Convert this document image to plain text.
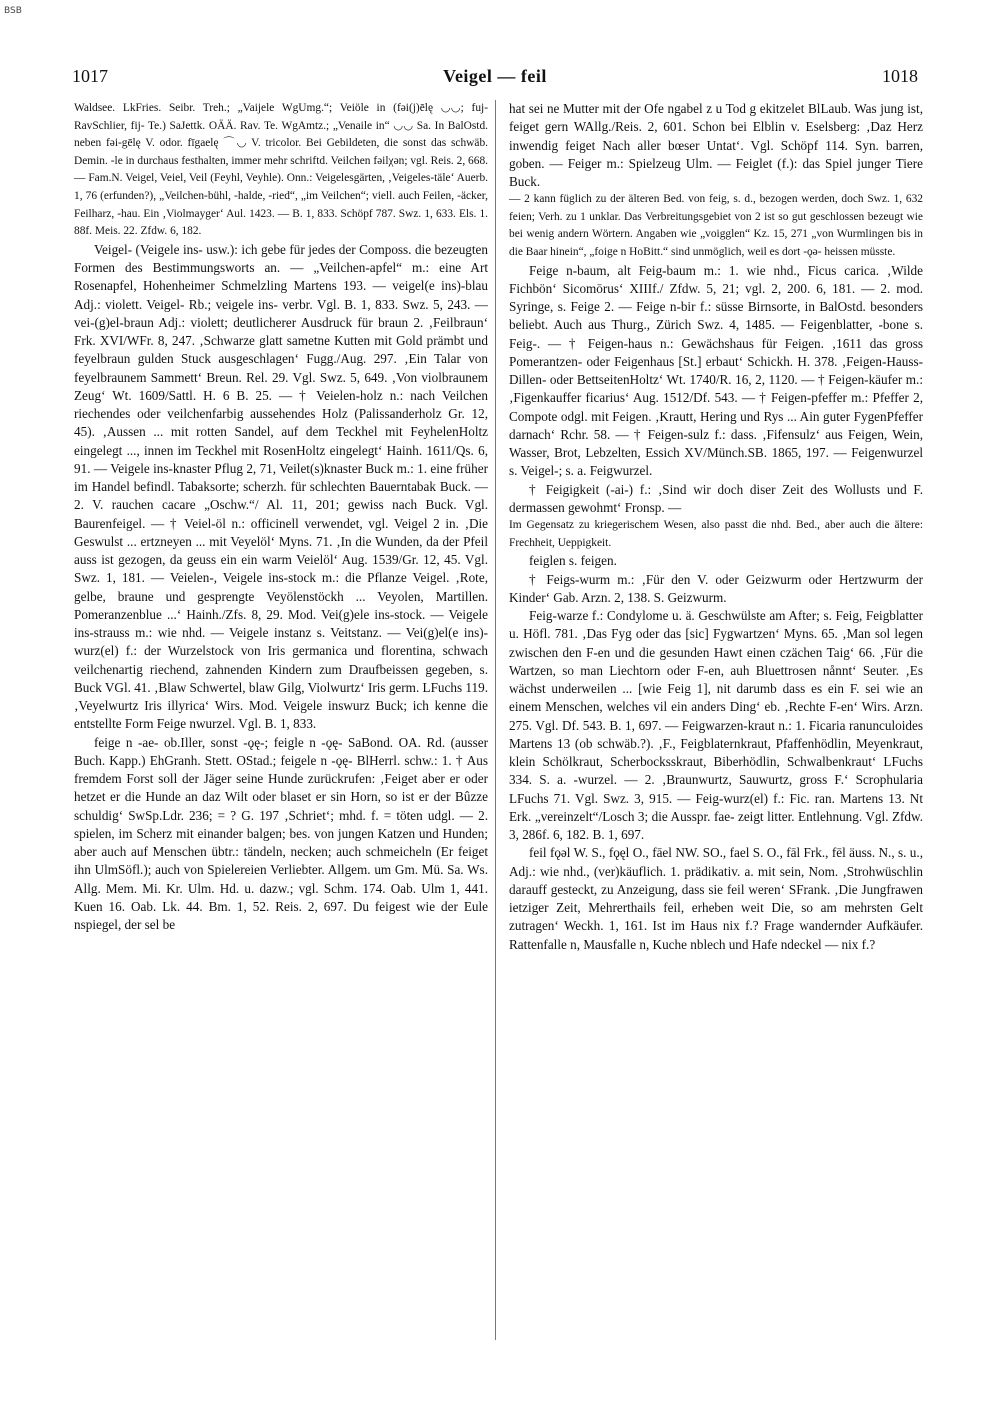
BSB
1017	Veigel — feil	1018

Waldsee. LkFries. Seibr. Treh.; „Vaijele WgUmg.“; Veiöle in (fəi(j)ēlę ◡◡; fuj- RavSchlier, fij- Te.) SaJettk. OÄÄ. Rav. Te. WgAmtz.; „Venaile in“ ◡◡ Sa. In BalOstd. neben fəi-gēlę V. odor. fīgaelę ⌒◡ V. tricolor. Bei Gebildeten, die sonst das schwäb. Demin. -le in durchaus festhalten, immer mehr schriftd. Veilchen fəilχən; vgl. Reis. 2, 668. — Fam.N. Veigel, Veiel, Veil (Feyhl, Veyhle). Onn.: Veigelesgärten, ‚Veigeles-täle‘ Auerb. 1, 76 (erfunden?), „Veilchen-bühl, -halde, -ried“, „im Veilchen“; viell. auch Feilen, -äcker, Feilharz, -hau. Ein ‚Violmayger‘ Aul. 1423. — B. 1, 833. Schöpf 787. Swz. 1, 633. Els. 1. 88f. Meis. 22. Zfdw. 6, 182.

Veigel- (Veigele ins- usw.): ich gebe für jedes der Composs. die bezeugten Formen des Bestimmungsworts an. — „Veilchen-apfel“ m.: eine Art Rosenapfel, Hohenheimer Schmelzling Martens 193. — veigel(e ins)-blau Adj.: violett. Veigel- Rb.; veigele ins- verbr. Vgl. B. 1, 833. Swz. 5, 243. — vei-(g)el-braun Adj.: violett; deutlicherer Ausdruck für braun 2. ‚Feilbraun‘ Frk. XVI/WFr. 8, 247. ‚Schwarze glatt sametne Kutten mit Gold prämbt und feyelbraun gulden Stuck ausgeschlagen‘ Fugg./Aug. 297. ‚Ein Talar von feyelbraunem Sammett‘ Breun. Rel. 29. Vgl. Swz. 5, 649. ‚Von violbraunem Zeug‘ Wt. 1609/Sattl. H. 6 B. 25. — † Veielen-holz n.: nach Veilchen riechendes oder veilchenfarbig aussehendes Holz (Palissanderholz Gr. 12, 45). ‚Aussen ... mit rotten Sandel, auf dem Teckhel mit FeyhelenHoltz eingelegt ..., innen im Teckhel mit RosenHoltz eingelegt‘ Hainh. 1611/Qs. 6, 91. — Veigele ins-knaster Pflug 2, 71, Veilet(s)knaster Buck m.: 1. eine früher im Handel befindl. Tabaksorte; scherzh. für schlechten Bauerntabak Buck. — 2. V. rauchen cacare „Oschw.“/ Al. 11, 201; gewiss nach Buck. Vgl. Baurenfeigel. — † Veiel-öl n.: officinell verwendet, vgl. Veigel 2 in. ‚Die Geswulst ... ertzneyen ... mit Veyelöl‘ Myns. 71. ‚In die Wunden, da der Pfeil auss ist gezogen, da geuss ein ein warm Veielöl‘ Aug. 1539/Gr. 12, 45. Vgl. Swz. 1, 181. — Veielen-, Veigele ins-stock m.: die Pflanze Veigel. ‚Rote, gelbe, braune und gesprengte Veyölenstöckh ... Veyolen, Martillen. Pomeranzenblue ...‘ Hainh./Zfs. 8, 29. Mod. Vei(g)ele ins-stock. — Veigele ins-strauss m.: wie nhd. — Veigele instanz s. Veitstanz. — Vei(g)el(e ins)-wurz(el) f.: der Wurzelstock von Iris germanica und florentina, schwach veilchenartig riechend, zahnenden Kindern zum Draufbeissen gegeben, s. Buck VGl. 41. ‚Blaw Schwertel, blaw Gilg, Violwurtz‘ Iris germ. LFuchs 119. ‚Veyelwurtz Iris illyrica‘ Wirs. Mod. Veigele inswurz Buck; ich kenne die entstellte Form Feige nwurzel. Vgl. B. 1, 833.

feige n -ae- ob.Iller, sonst -ǫę-; feigle n -ǫę- SaBond. OA. Rd. (ausser Buch. Kapp.) EhGranh. Stett. OStad.; feigele n -ǫę- BlHerrl. schw.: 1. † Aus fremdem Forst soll der Jäger seine Hunde zurückrufen: ‚Feiget aber er oder hetzet er die Hunde an daz Wilt oder blaset er sin Horn, so ist er der Bûzze schuldig‘ SwSp.Ldr. 236; = ? G. 197 ‚Schriet‘; mhd. f. = töten udgl. — 2. spielen, im Scherz mit einander balgen; bes. von jungen Katzen und Hunden; aber auch auf Menschen übtr.: tändeln, necken; auch schmeicheln (Er feiget ihn UlmSöfl.); auch von Spielereien Verliebter. Allgem. um Gm. Mü. Sa. Ws. Allg. Mem. Mi. Kr. Ulm. Hd. u. dazw.; vgl. Schm. 174. Oab. Ulm 1, 441. Kuen 16. Oab. Lk. 44. Bm. 1, 52. Reis. 2, 697. Du feigest wie der Eule nspiegel, der sel be

hat sei ne Mutter mit der Ofe ngabel z u Tod g ekitzelet BlLaub. Was jung ist, feiget gern WAllg./Reis. 2, 601. Schon bei Elblin v. Eselsberg: ‚Daz Herz inwendig feiget Nach aller bœser Untat‘. Vgl. Schöpf 114. Syn. barren, goben. — Feiger m.: Spielzeug Ulm. — Feiglet (f.): das Spiel junger Tiere Buck.

— 2 kann füglich zu der älteren Bed. von feig, s. d., bezogen werden, doch Swz. 1, 632 feien; Verh. zu 1 unklar. Das Verbreitungsgebiet von 2 ist so gut geschlossen bezeugt wie bei wenig andern Wörtern. Angaben wie „voigglen“ Kz. 15, 271 „von Wurmlingen bis in die Baar hinein“, „foige n HoBitt.“ sind unmöglich, weil es dort -ǫə- heissen müsste.

Feige n-baum, alt Feig-baum m.: 1. wie nhd., Ficus carica. ‚Wilde Fichbön‘ Sicomōrus‘ XIIIf./ Zfdw. 5, 21; vgl. 2, 200. 6, 181. — 2. mod. Syringe, s. Feige 2. — Feige n-bir f.: süsse Birnsorte, in BalOstd. besonders beliebt. Auch aus Thurg., Zürich Swz. 4, 1485. — Feigenblatter, -bone s. Feig-. — † Feigen-haus n.: Gewächshaus für Feigen. ‚1611 das gross Pomerantzen- oder Feigenhaus [St.] erbaut‘ Schickh. H. 378. ‚Feigen-Hauss-Dillen- oder BettseitenHoltz‘ Wt. 1740/R. 16, 2, 1120. — † Feigen-käufer m.: ‚Figenkauffer ficarius‘ Aug. 1512/Df. 543. — † Feigen-pfeffer m.: Pfeffer 2, Compote odgl. mit Feigen. ‚Krautt, Hering und Rys ... Ain guter FygenPfeffer darnach‘ Rchr. 58. — † Feigen-sulz f.: dass. ‚Fifensulz‘ aus Feigen, Wein, Wasser, Brot, Lebzelten, Essich XV/Münch.SB. 1865, 197. — Feigenwurzel s. Veigel-; s. a. Feigwurzel.

† Feigigkeit (-ai-) f.: ‚Sind wir doch diser Zeit des Wollusts und F. dermassen gewohmt‘ Fronsp. —

Im Gegensatz zu kriegerischem Wesen, also passt die nhd. Bed., aber auch die ältere: Frechheit, Ueppigkeit.

feiglen s. feigen.

† Feigs-wurm m.: ‚Für den V. oder Geizwurm oder Hertzwurm der Kinder‘ Gab. Arzn. 2, 138. S. Geizwurm.

Feig-warze f.: Condylome u. ä. Geschwülste am After; s. Feig, Feigblatter u. Höfl. 781. ‚Das Fyg oder das [sic] Fygwartzen‘ Myns. 65. ‚Man sol legen zwischen den F-en und die gesunden Hawt einen czächen Taig‘ 66. ‚Für die Wartzen, so man Liechtorn oder F-en, auh Bluettrosen nånnt‘ Seuter. ‚Es wächst underweilen ... [wie Feig 1], nit darumb dass es ein F. sei wie an einem Menschen, welches vil ein anders Ding‘ eb. ‚Rechte F-en‘ Wirs. Arzn. 275. Vgl. Df. 543. B. 1, 697. — Feigwarzen-kraut n.: 1. Ficaria ranunculoides Martens 13 (ob schwäb.?). ‚F., Feigblaternkraut, Pfaffenhödlin, Meyenkraut, klein Schölkraut, Scherbocksskraut, Biberhödlin, Schwalbenkraut‘ LFuchs 334. S. a. -wurzel. — 2. ‚Braunwurtz, Sauwurtz, gross F.‘ Scrophularia LFuchs 71. Vgl. Swz. 3, 915. — Feig-wurz(el) f.: Fic. ran. Martens 13. Nt Erk. „vereinzelt“/Losch 3; die Ausspr. fae- zeigt litter. Entlehnung. Vgl. Zfdw. 3, 286f. 6, 182. B. 1, 697.

feil fǫəl W. S., fǫęl O., fāel NW. SO., fael S. O., fāl Frk., fēl äuss. N., s. u., Adj.: wie nhd., (ver)käuflich. 1. prädikativ. a. mit sein, Nom. ‚Strohwüschlin darauff gesteckt, zu Anzeigung, dass sie feil weren‘ SFrank. ‚Die Jungfrawen ietziger Zeit, Mehrerthails feil, erheben weit Die, so am mehrsten Gelt zutragen‘ Weckh. 1, 161. Ist im Haus nix f.? Frage wandernder Aufkäufer. Rattenfalle n, Mausfalle n, Kuche nblech und Hafe ndeckel — nix f.?
